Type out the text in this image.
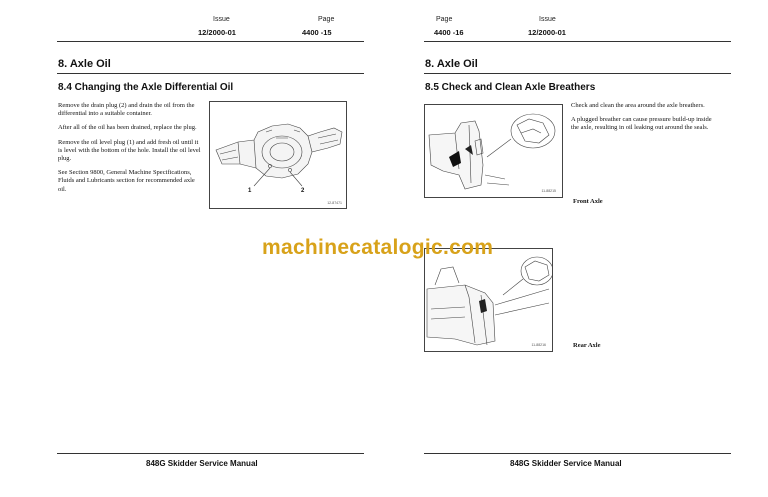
Issue	Page
12/2000-01	4400 -15
8. Axle Oil
8.4 Changing the Axle Differential Oil

Remove the drain plug (2) and drain the oil from the differential into a suitable container.

After all of the oil has been drained, replace the plug.

Remove the oil level plug (1) and add fresh oil until it is level with the bottom of the hole. Install the oil level plug.

See Section 9800, General Machine Specifications, Fluids and Lubricants section for recommended axle oil.	1	2
12-87471
848G Skidder Service Manual
Page	Issue
4400 -16	12/2000-01
8. Axle Oil
8.5 Check and Clean Axle Breathers

Check and clean the area around the axle breathers.

A plugged breather can cause pressure build-up inside the axle, resulting in oil leaking out around the seals.

11-88215
Front Axle
11-88216	Rear Axle
848G Skidder Service Manual
machinecatalogic.com
